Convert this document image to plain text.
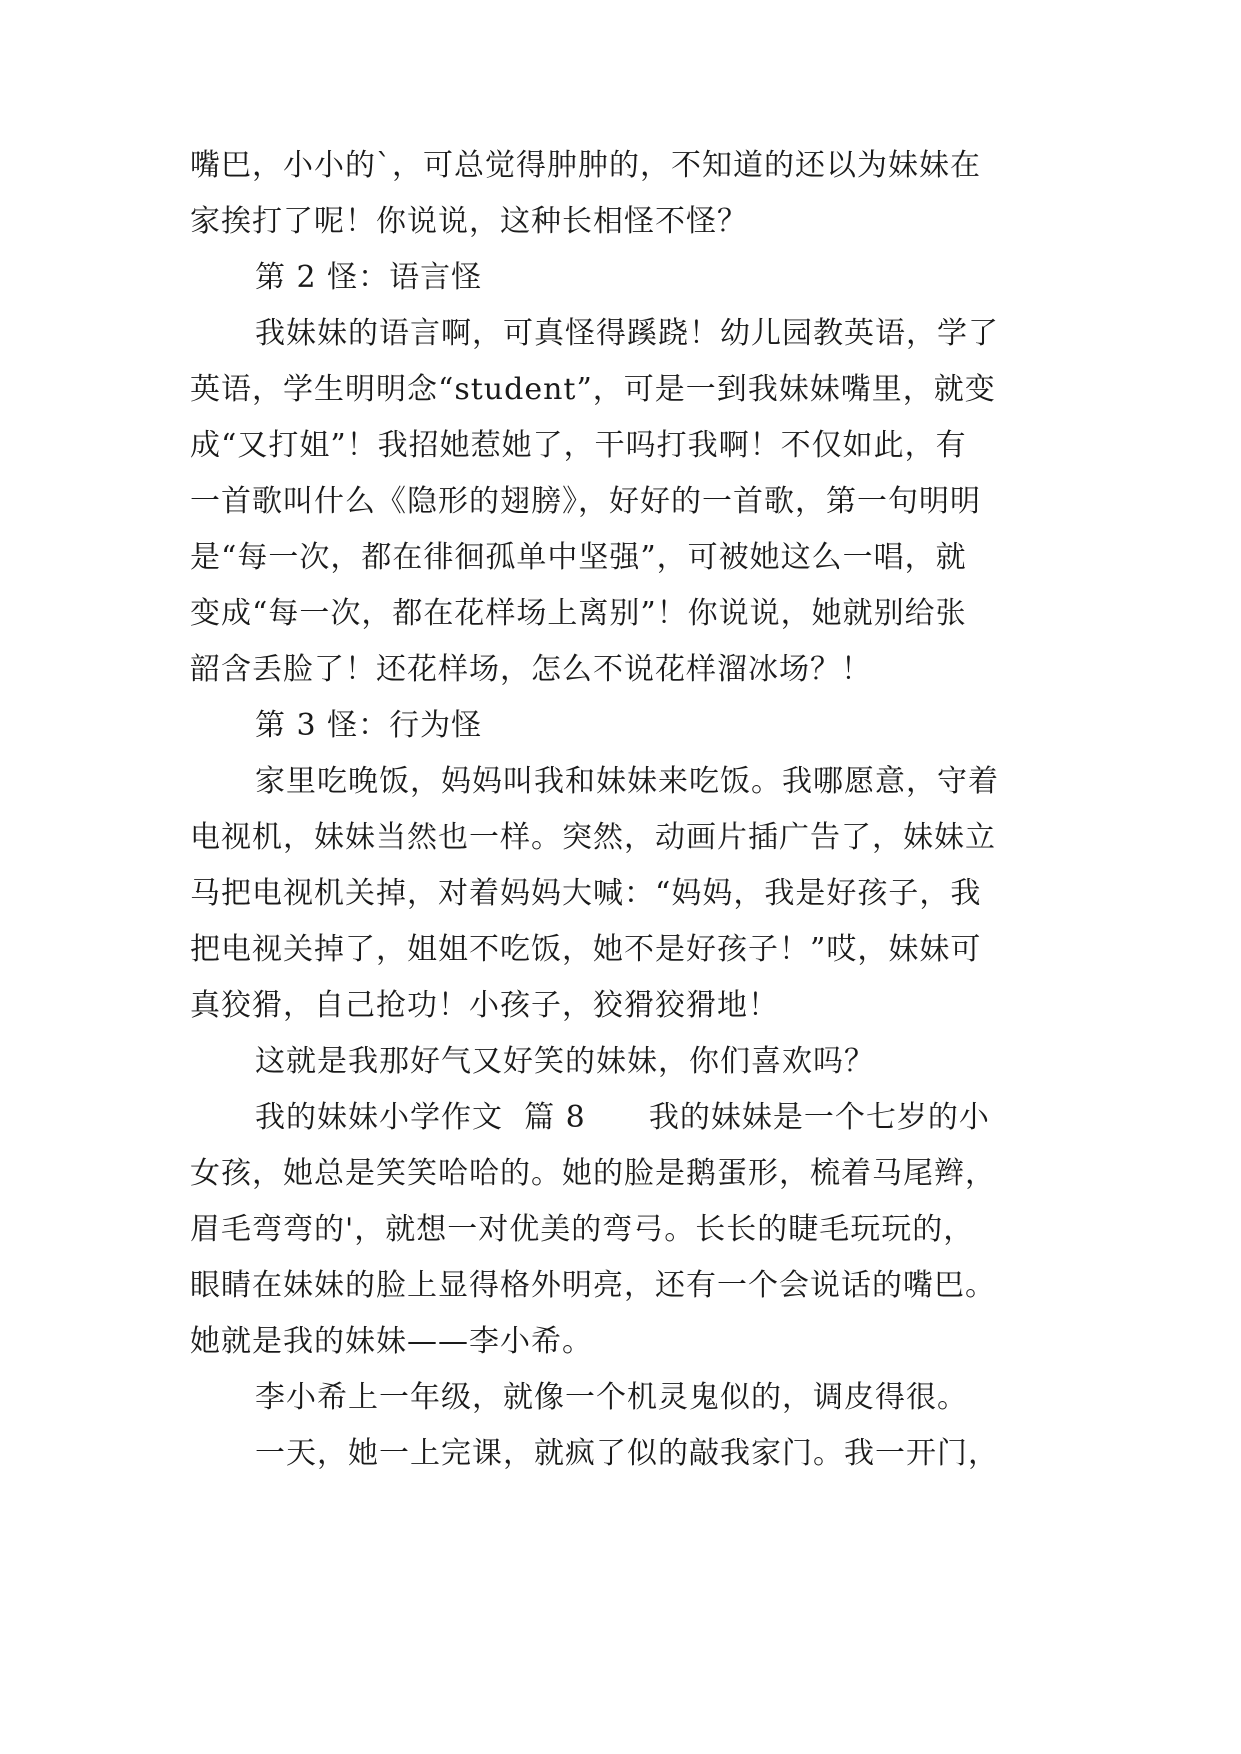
嘴巴，小小的`，可总觉得肿肿的，不知道的还以为妹妹在
家挨打了呢！你说说，这种长相怪不怪？
第 2 怪：语言怪
我妹妹的语言啊，可真怪得蹊跷！幼儿园教英语，学了
英语，学生明明念“student”，可是一到我妹妹嘴里，就变
成“又打姐”！我招她惹她了，干吗打我啊！不仅如此，有
一首歌叫什么《隐形的翅膀》，好好的一首歌，第一句明明
是“每一次，都在徘徊孤单中坚强”，可被她这么一唱，就
变成“每一次，都在花样场上离别”！你说说，她就别给张
韶含丢脸了！还花样场，怎么不说花样溜冰场？！
第 3 怪：行为怪
家里吃晚饭，妈妈叫我和妹妹来吃饭。我哪愿意，守着
电视机，妹妹当然也一样。突然，动画片插广告了，妹妹立
马把电视机关掉，对着妈妈大喊：“妈妈，我是好孩子，我
把电视关掉了，姐姐不吃饭，她不是好孩子！”哎，妹妹可
真狡猾，自己抢功！小孩子，狡猾狡猾地！
这就是我那好气又好笑的妹妹，你们喜欢吗？
我的妹妹小学作文  篇 8      我的妹妹是一个七岁的小
女孩，她总是笑笑哈哈的。她的脸是鹅蛋形，梳着马尾辫，
眉毛弯弯的'，就想一对优美的弯弓。长长的睫毛玩玩的，
眼睛在妹妹的脸上显得格外明亮，还有一个会说话的嘴巴。
她就是我的妹妹——李小希。
李小希上一年级，就像一个机灵鬼似的，调皮得很。
一天，她一上完课，就疯了似的敲我家门。我一开门，
